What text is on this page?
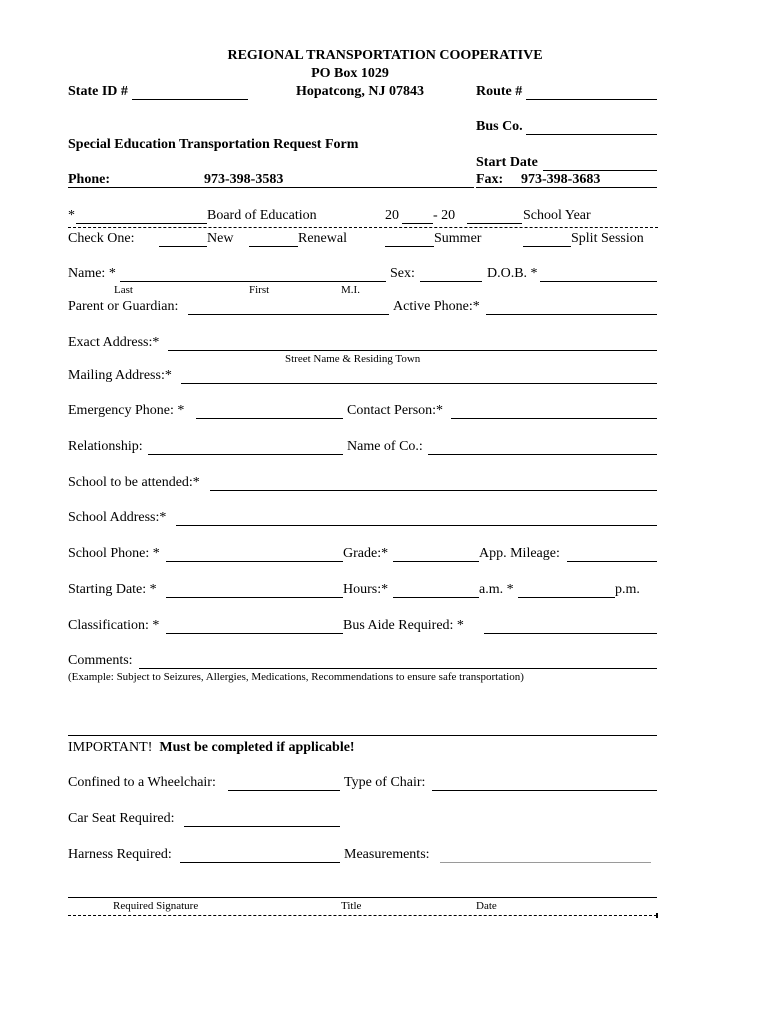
REGIONAL TRANSPORTATION COOPERATIVE
PO Box 1029
State ID #	Hopatcong, NJ 07843	Route #
Bus Co.
Special Education Transportation Request Form
Start Date
Phone:	973-398-3583	Fax: 973-398-3683
*	Board of Education	20 - 20	School Year
Check One:	New	Renewal	Summer	Split Session
Name: *	Sex:	D.O.B. *
Last	First	M.I.
Parent or Guardian:	Active Phone:*
Exact Address:*
Street Name & Residing Town
Mailing Address:*
Emergency Phone: *	Contact Person:*
Relationship:	Name of Co.:
School to be attended:*
School Address:*
School Phone: *	Grade:*	App. Mileage:
Starting Date: *	Hours:*	a.m. *	p.m.
Classification: *	Bus Aide Required: *
Comments:
(Example: Subject to Seizures, Allergies, Medications, Recommendations to ensure safe transportation)
IMPORTANT! Must be completed if applicable!
Confined to a Wheelchair:	Type of Chair:
Car Seat Required:
Harness Required:	Measurements:
Required Signature	Title	Date
